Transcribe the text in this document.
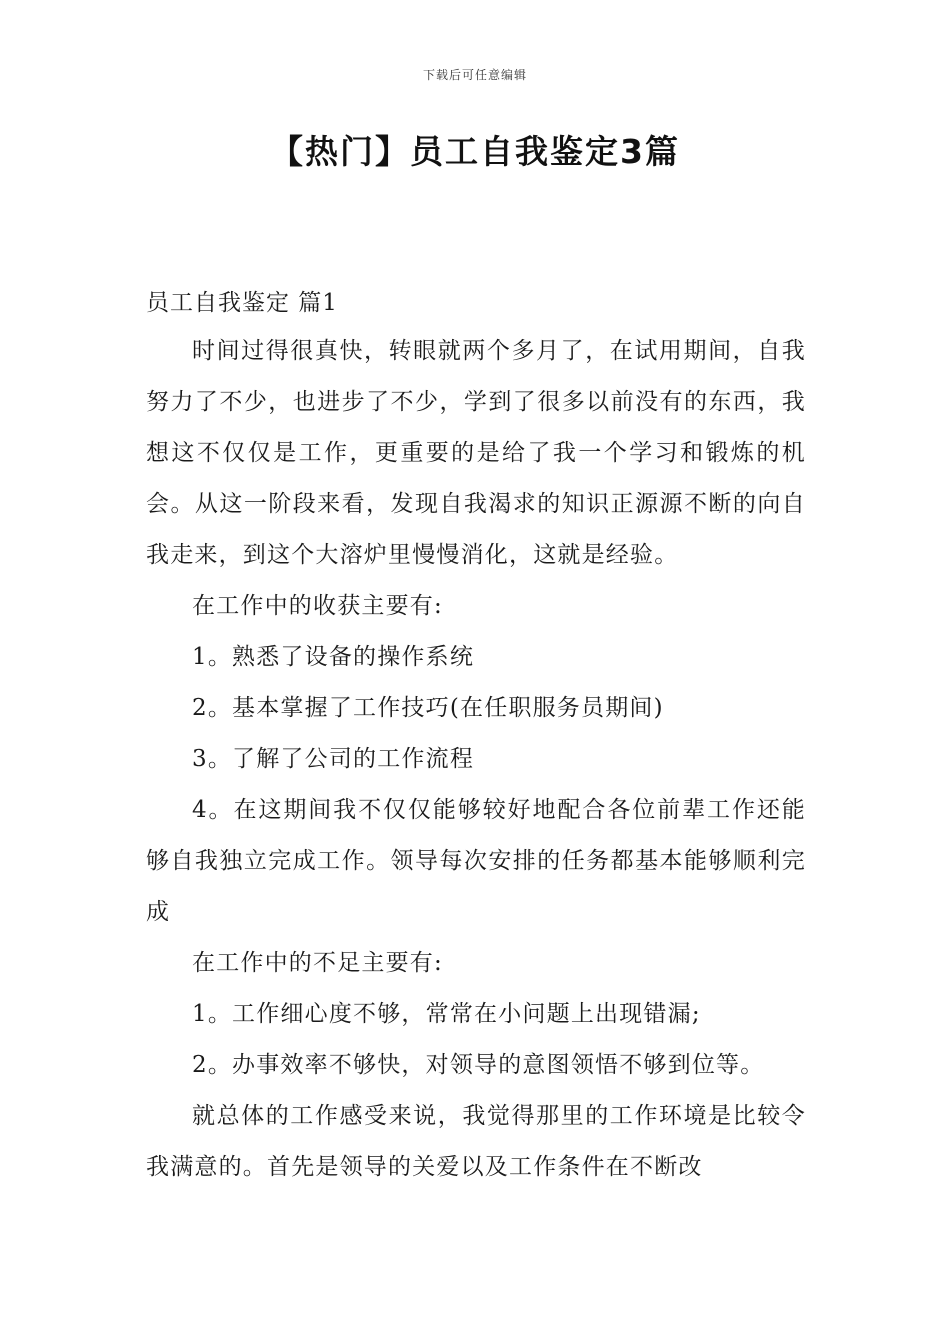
下载后可任意编辑
【热门】员工自我鉴定3篇
员工自我鉴定 篇1

时间过得很真快，转眼就两个多月了，在试用期间，自我努力了不少，也进步了不少，学到了很多以前没有的东西，我想这不仅仅是工作，更重要的是给了我一个学习和锻炼的机会。从这一阶段来看，发现自我渴求的知识正源源不断的向自我走来，到这个大溶炉里慢慢消化，这就是经验。

在工作中的收获主要有:

1。熟悉了设备的操作系统

2。基本掌握了工作技巧(在任职服务员期间)

3。了解了公司的工作流程

4。在这期间我不仅仅能够较好地配合各位前辈工作还能够自我独立完成工作。领导每次安排的任务都基本能够顺利完成

在工作中的不足主要有:

1。工作细心度不够，常常在小问题上出现错漏;

2。办事效率不够快，对领导的意图领悟不够到位等。

就总体的工作感受来说，我觉得那里的工作环境是比较令我满意的。首先是领导的关爱以及工作条件在不断改
